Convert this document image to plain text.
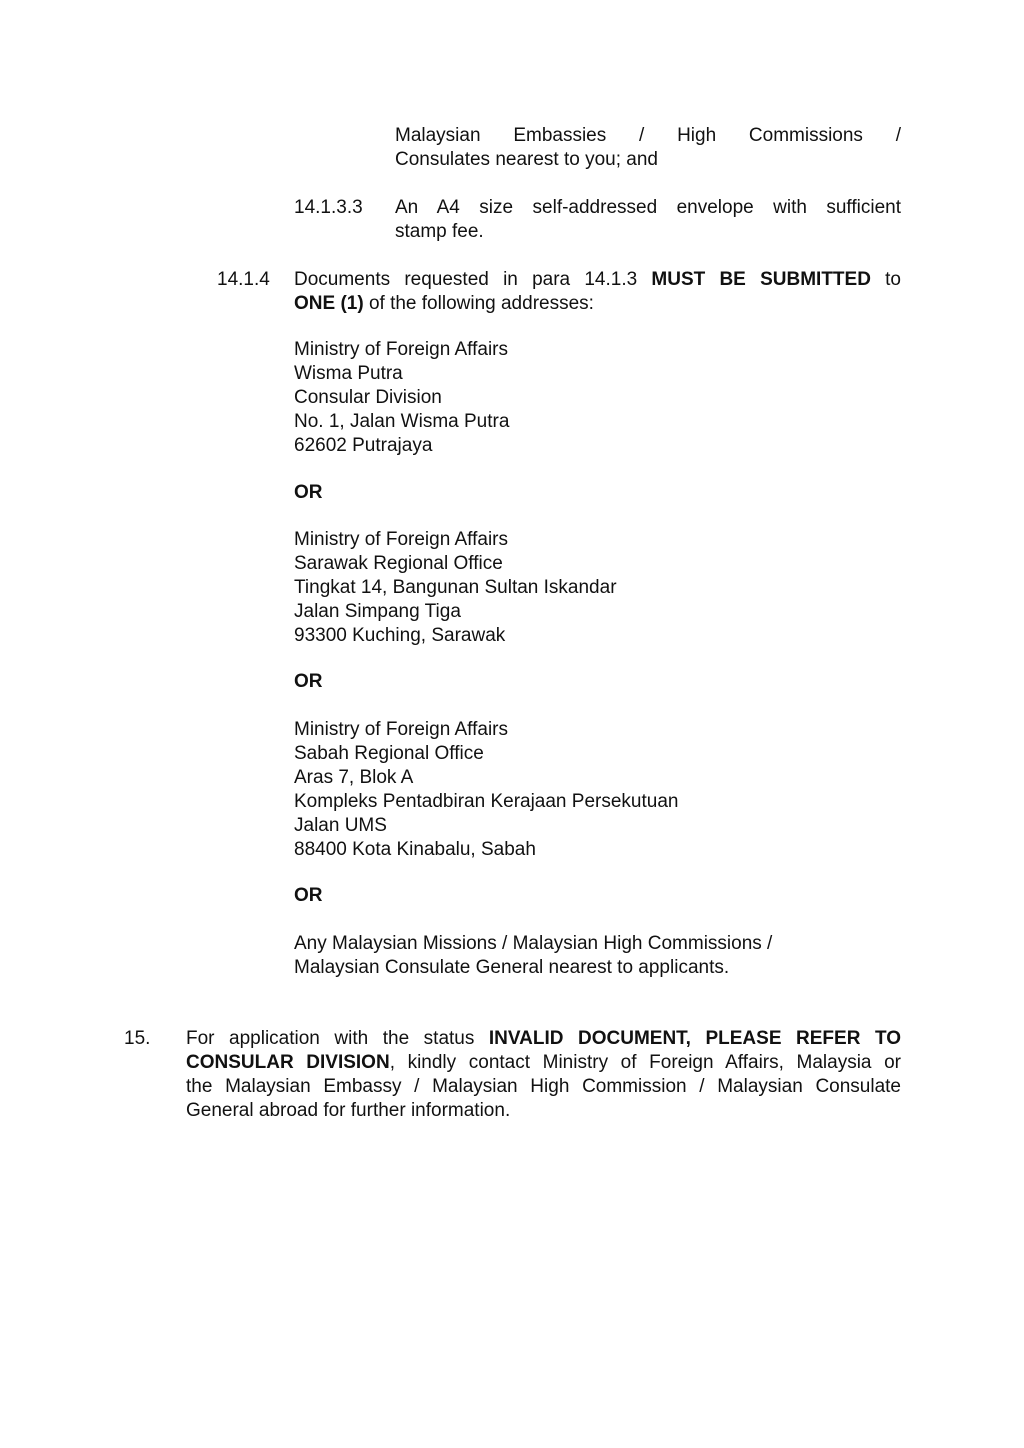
Malaysian Embassies / High Commissions /
Consulates nearest to you; and
14.1.3.3 An A4 size self-addressed envelope with sufficient
stamp fee.
14.1.4 Documents requested in para 14.1.3 MUST BE SUBMITTED to
ONE (1) of the following addresses:
Ministry of Foreign Affairs
Wisma Putra
Consular Division
No. 1, Jalan Wisma Putra
62602 Putrajaya
OR
Ministry of Foreign Affairs
Sarawak Regional Office
Tingkat 14, Bangunan Sultan Iskandar
Jalan Simpang Tiga
93300 Kuching, Sarawak
OR
Ministry of Foreign Affairs
Sabah Regional Office
Aras 7, Blok A
Kompleks Pentadbiran Kerajaan Persekutuan
Jalan UMS
88400 Kota Kinabalu, Sabah
OR
Any Malaysian Missions / Malaysian High Commissions /
Malaysian Consulate General nearest to applicants.
15. For application with the status INVALID DOCUMENT, PLEASE REFER TO
CONSULAR DIVISION, kindly contact Ministry of Foreign Affairs, Malaysia or
the Malaysian Embassy / Malaysian High Commission / Malaysian Consulate
General abroad for further information.
